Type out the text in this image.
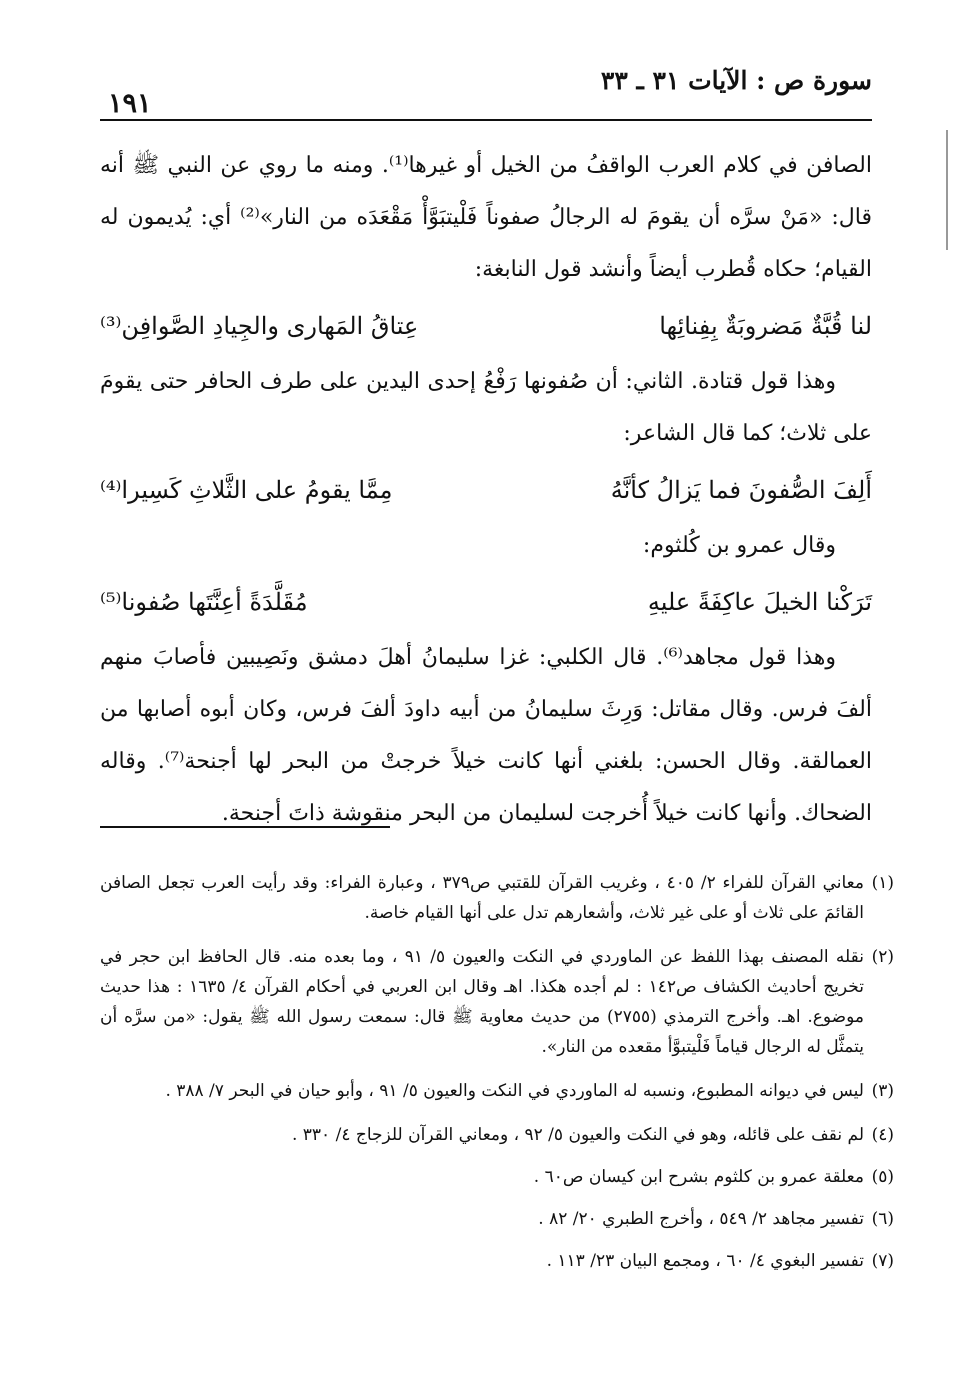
سورة ص : الآيات ٣١ ـ ٣٣
١٩١

الصافن في كلام العرب الواقفُ من الخيل أو غيرها⁽¹⁾. ومنه ما روي عن النبي ﷺ أنه قال: «مَنْ سرَّه أن يقومَ له الرجالُ صفوناً فَلْيتبَوَّأْ مَقْعَدَه من النار»⁽²⁾ أي: يُديمون له القيام؛ حكاه قُطرب أيضاً وأنشد قول النابغة:

لنا قُبَّةٌ مَضروبَةٌ بِفِنائِها
عِتاقُ المَهارى والجِيادِ الصَّوافِن⁽³⁾

وهذا قول قتادة. الثاني: أن صُفونها رَفْعُ إحدى اليدين على طرف الحافر حتى يقومَ على ثلاث؛ كما قال الشاعر:

أَلِفَ الصُّفونَ فما يَزالُ كأنَّهُ
مِمَّا يقومُ على الثَّلاثِ كَسِيرا⁽⁴⁾

وقال عمرو بن كُلثوم:

تَرَكْنا الخيلَ عاكِفَةً عليهِ
مُقَلَّدَةً أعِنَّتَها صُفونا⁽⁵⁾

وهذا قول مجاهد⁽⁶⁾. قال الكلبي: غزا سليمانُ أهلَ دمشق ونَصِيبين فأصابَ منهم ألفَ فرس. وقال مقاتل: وَرِثَ سليمانُ من أبيه داودَ ألفَ فرس، وكان أبوه أصابها من العمالقة. وقال الحسن: بلغني أنها كانت خيلاً خرجتْ من البحر لها أجنحة⁽⁷⁾. وقاله الضحاك. وأنها كانت خيلاً أُخرجت لسليمان من البحر منقوشة ذاتَ أجنحة.

(١)
معاني القرآن للفراء ٢/ ٤٠٥ ، وغريب القرآن للقتبي ص٣٧٩ ، وعبارة الفراء: وقد رأيت العرب تجعل الصافن القائمَ على ثلاث أو على غير ثلاث، وأشعارهم تدل على أنها القيام خاصة.

(٢)
نقله المصنف بهذا اللفظ عن الماوردي في النكت والعيون ٥/ ٩١ ، وما بعده منه. قال الحافظ ابن حجر في تخريج أحاديث الكشاف ص١٤٢ : لم أجده هكذا. اهـ وقال ابن العربي في أحكام القرآن ٤/ ١٦٣٥ : هذا حديث موضوع. اهـ. وأخرج الترمذي (٢٧٥٥) من حديث معاوية ﷺ قال: سمعت رسول الله ﷺ يقول: «من سرَّه أن يتمثَّل له الرجال قياماً فَلْيتبوَّأ مقعده من النار».

(٣)
ليس في ديوانه المطبوع، ونسبه له الماوردي في النكت والعيون ٥/ ٩١ ، وأبو حيان في البحر ٧/ ٣٨٨ .

(٤)
لم نقف على قائله، وهو في النكت والعيون ٥/ ٩٢ ، ومعاني القرآن للزجاج ٤/ ٣٣٠ .

(٥)
معلقة عمرو بن كلثوم بشرح ابن كيسان ص٦٠ .

(٦)
تفسير مجاهد ٢/ ٥٤٩ ، وأخرج الطبري ٢٠/ ٨٢ .

(٧)
تفسير البغوي ٤/ ٦٠ ، ومجمع البيان ٢٣/ ١١٣ .
